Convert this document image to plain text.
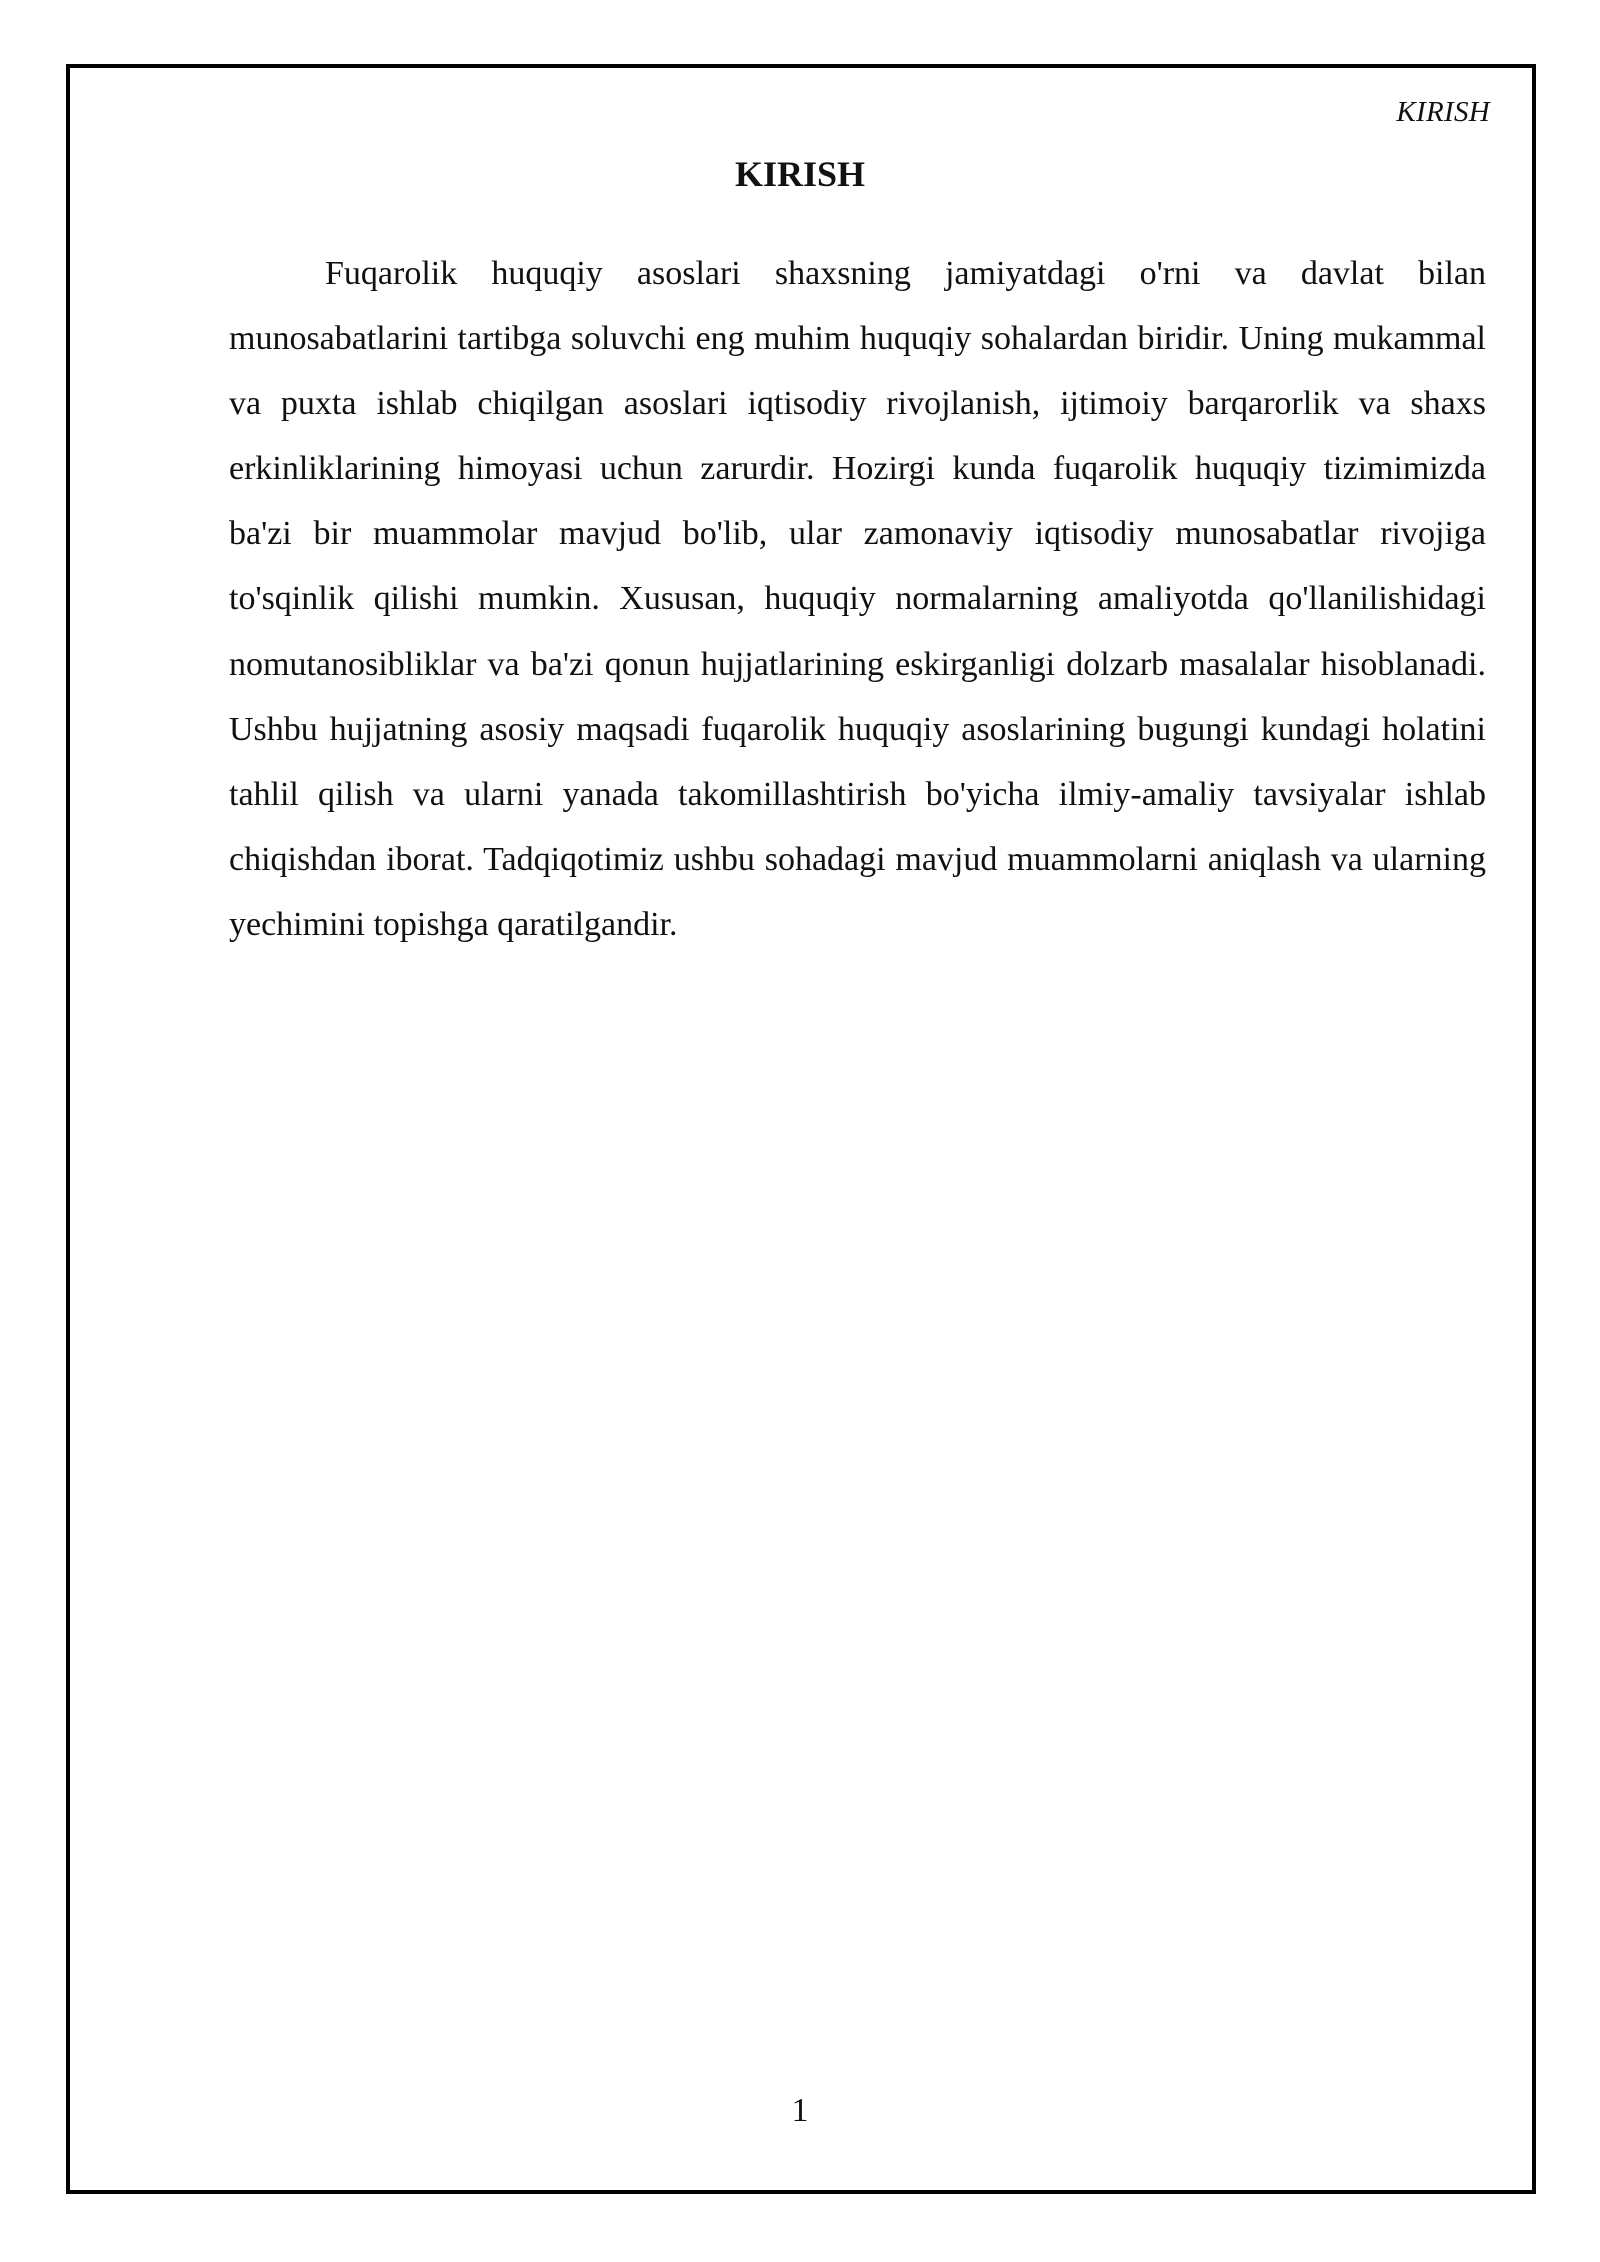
KIRISH
KIRISH

Fuqarolik huquqiy asoslari shaxsning jamiyatdagi o'rni va davlat bilan munosabatlarini tartibga soluvchi eng muhim huquqiy sohalardan biridir. Uning mukammal va puxta ishlab chiqilgan asoslari iqtisodiy rivojlanish, ijtimoiy barqarorlik va shaxs erkinliklarining himoyasi uchun zarurdir. Hozirgi kunda fuqarolik huquqiy tizimimizda ba'zi bir muammolar mavjud bo'lib, ular zamonaviy iqtisodiy munosabatlar rivojiga to'sqinlik qilishi mumkin. Xususan, huquqiy normalarning amaliyotda qo'llanilishidagi nomutanosibliklar va ba'zi qonun hujjatlarining eskirganligi dolzarb masalalar hisoblanadi. Ushbu hujjatning asosiy maqsadi fuqarolik huquqiy asoslarining bugungi kundagi holatini tahlil qilish va ularni yanada takomillashtirish bo'yicha ilmiy-amaliy tavsiyalar ishlab chiqishdan iborat. Tadqiqotimiz ushbu sohadagi mavjud muammolarni aniqlash va ularning yechimini topishga qaratilgandir.

1
